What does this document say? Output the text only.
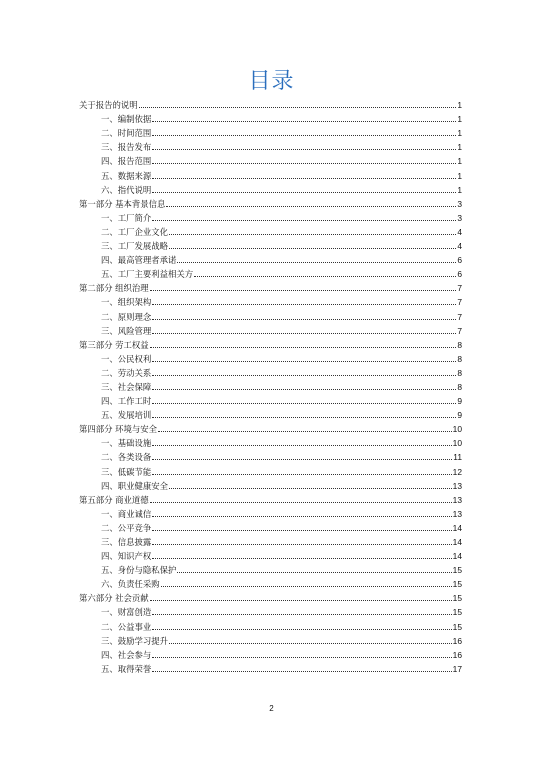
目录
关于报告的说明	1
一、编制依据	1
二、时间范围	1
三、报告发布	1
四、报告范围	1
五、数据来源	1
六、指代说明	1
第一部分 基本背景信息	3
一、工厂简介	3
二、工厂企业文化	4
三、工厂发展战略	4
四、最高管理者承诺	6
五、工厂主要利益相关方	6
第二部分 组织治理	7
一、组织架构	7
二、原则理念	7
三、风险管理	7
第三部分 劳工权益	8
一、公民权利	8
二、劳动关系	8
三、社会保障	8
四、工作工时	9
五、发展培训	9
第四部分 环境与安全	10
一、基础设施	10
二、各类设备	11
三、低碳节能	12
四、职业健康安全	13
第五部分 商业道德	13
一、商业诚信	13
二、公平竞争	14
三、信息披露	14
四、知识产权	14
五、身份与隐私保护	15
六、负责任采购	15
第六部分 社会贡献	15
一、财富创造	15
二、公益事业	15
三、鼓励学习提升	16
四、社会参与	16
五、取得荣誉	17
2
